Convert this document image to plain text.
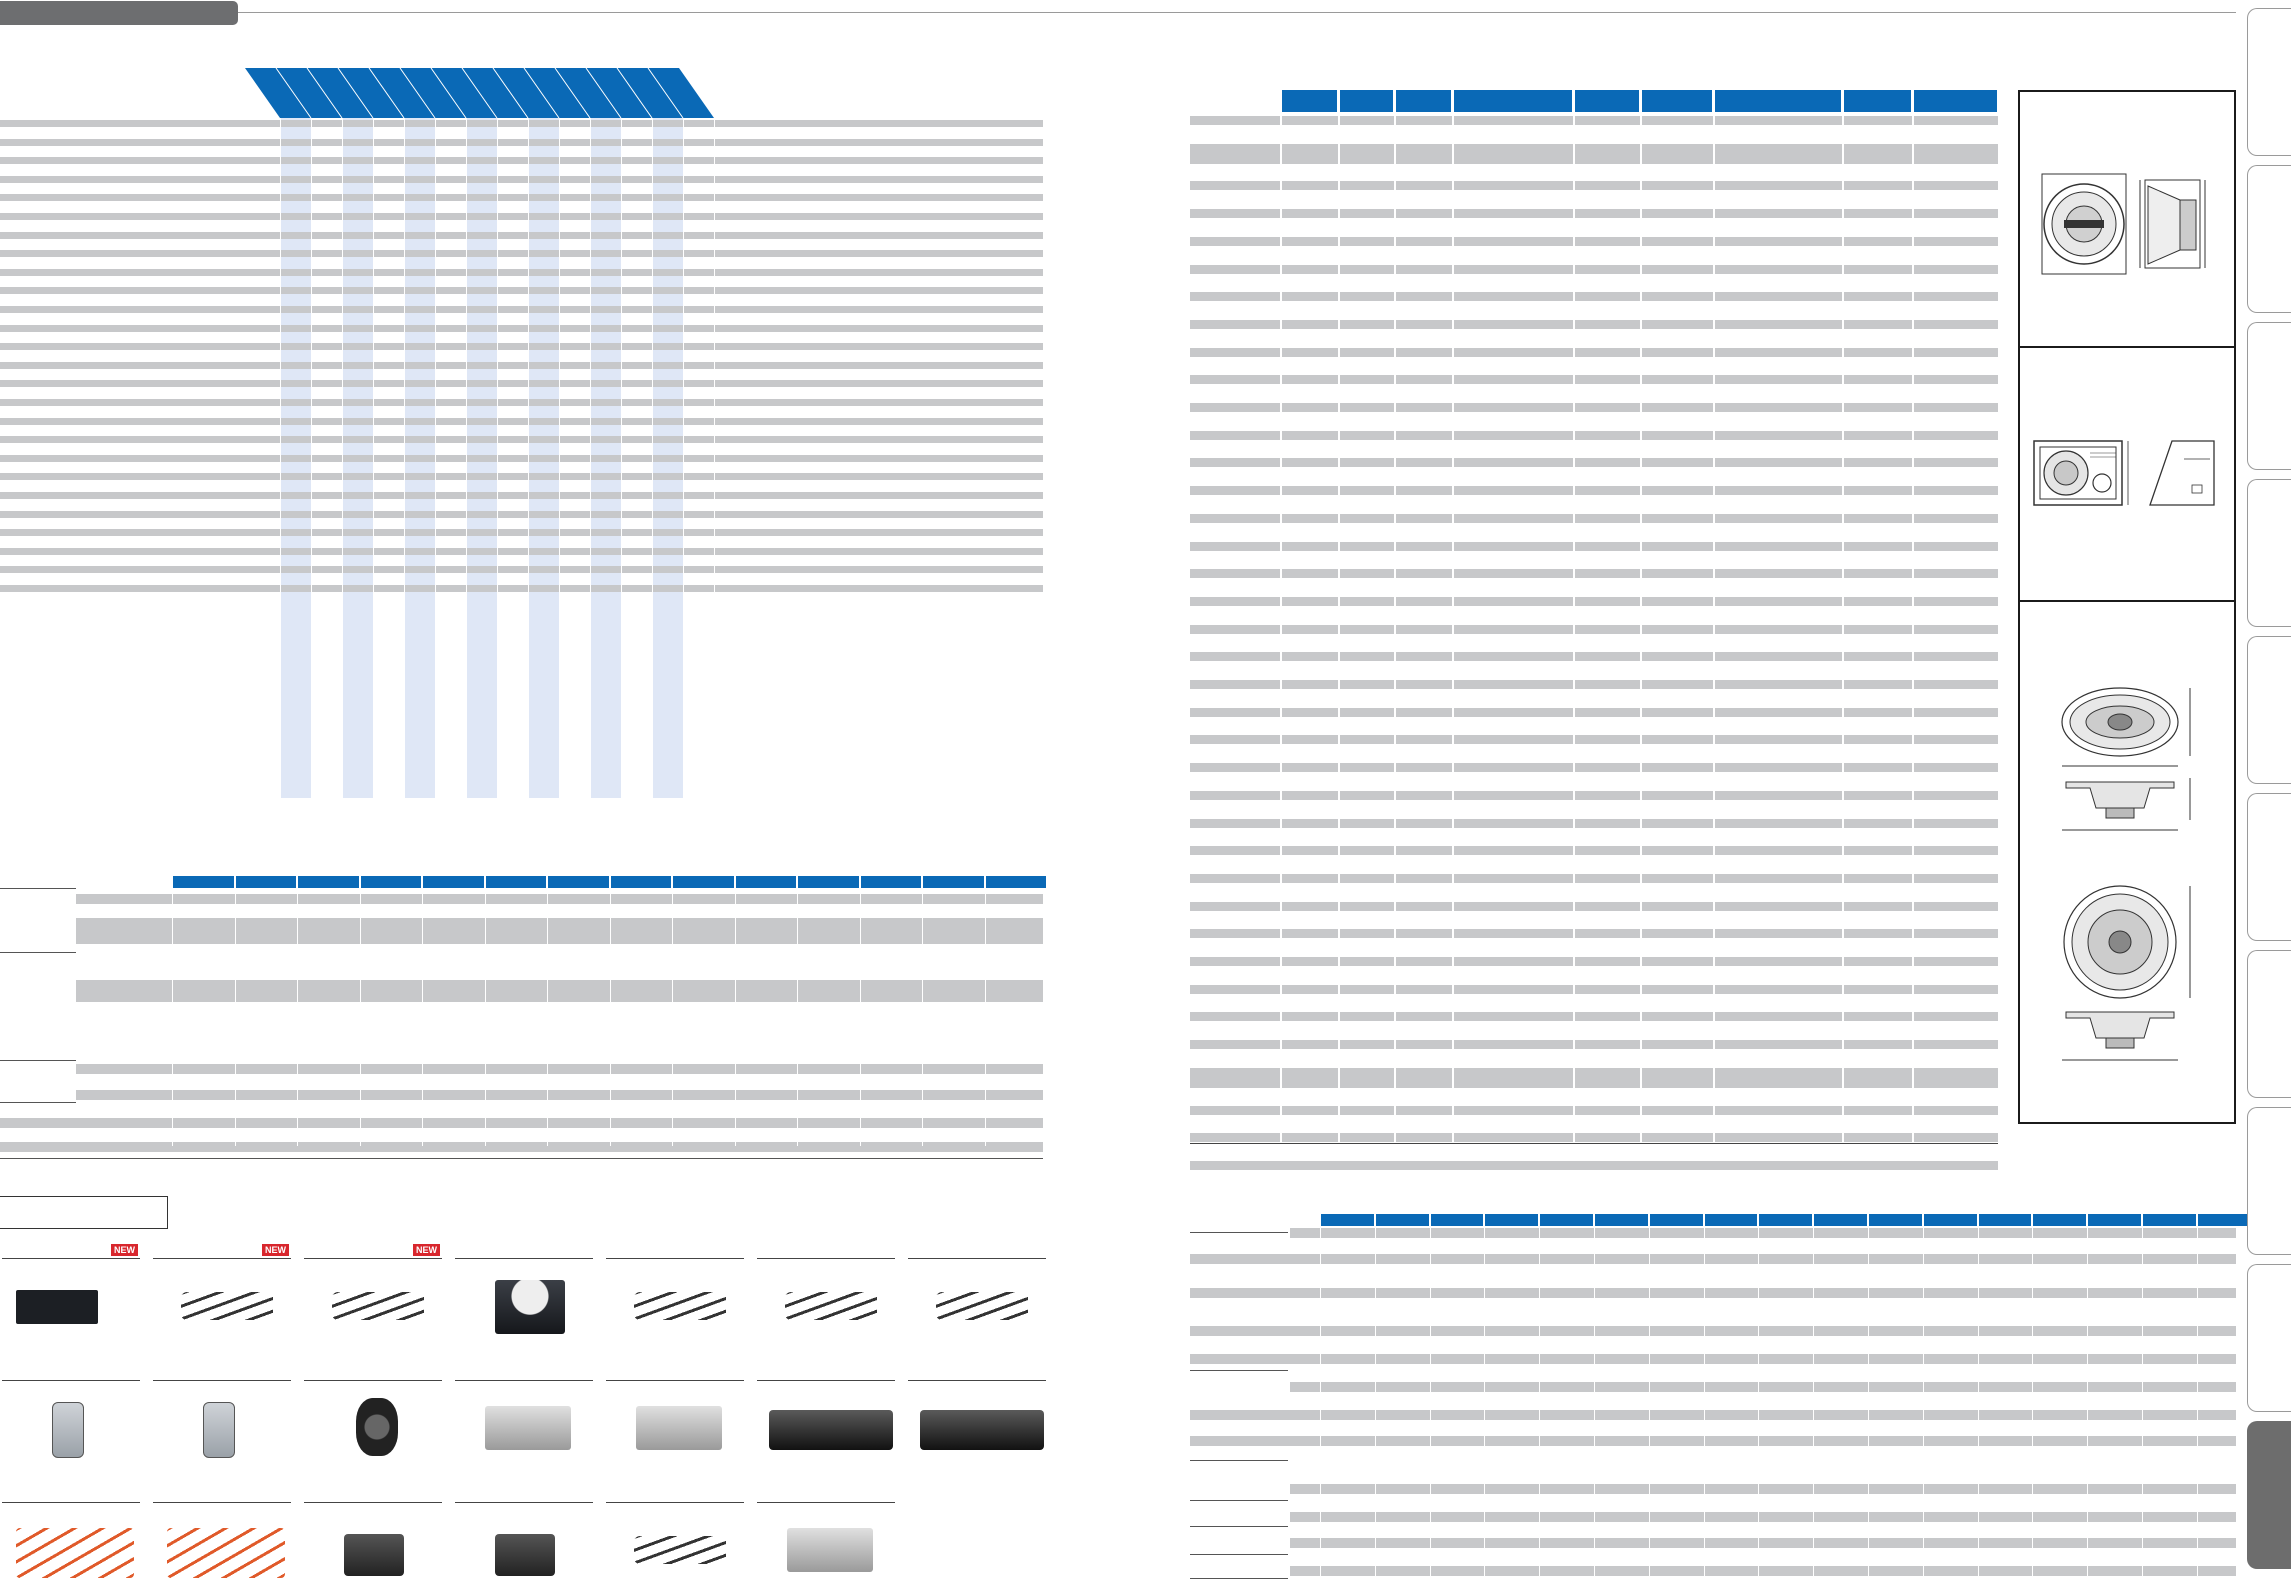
NEW	NEW	NEW
